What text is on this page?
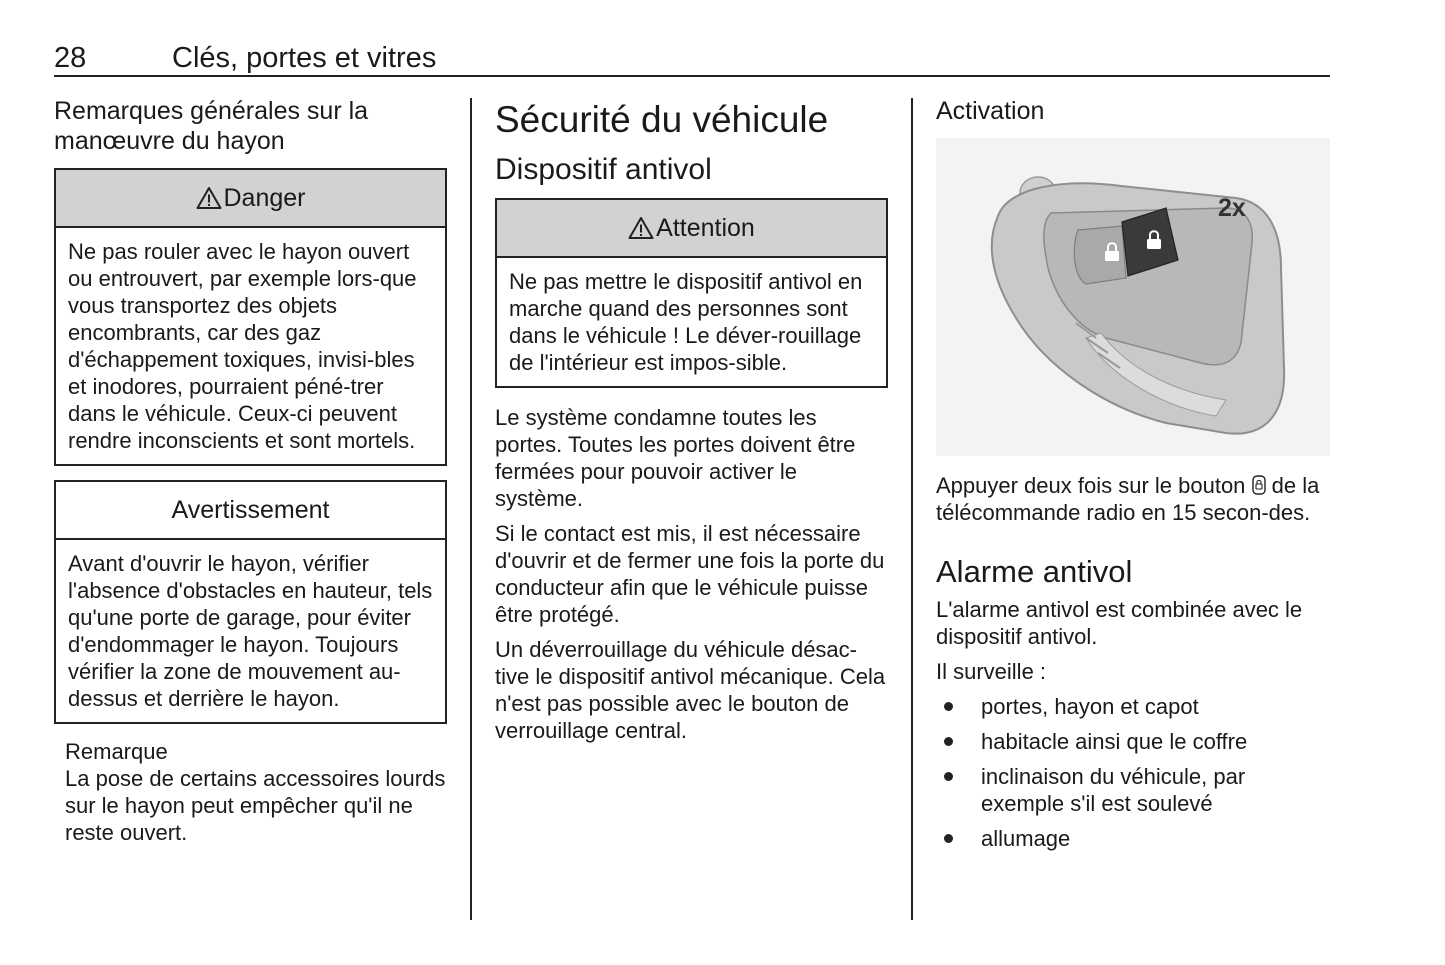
28	Clés, portes et vitres
Remarques générales sur la manœuvre du hayon
Danger
Ne pas rouler avec le hayon ouvert ou entrouvert, par exemple lors-que vous transportez des objets encombrants, car des gaz d'échappement toxiques, invisi-bles et inodores, pourraient péné-trer dans le véhicule. Ceux-ci peuvent rendre inconscients et sont mortels.
Avertissement
Avant d'ouvrir le hayon, vérifier l'absence d'obstacles en hauteur, tels qu'une porte de garage, pour éviter d'endommager le hayon. Toujours vérifier la zone de mouvement au-dessus et derrière le hayon.
Remarque
La pose de certains accessoires lourds sur le hayon peut empêcher qu'il ne reste ouvert.
Sécurité du véhicule
Dispositif antivol
Attention
Ne pas mettre le dispositif antivol en marche quand des personnes sont dans le véhicule ! Le déver-rouillage de l'intérieur est impos-sible.

Le système condamne toutes les portes. Toutes les portes doivent être fermées pour pouvoir activer le système.

Si le contact est mis, il est nécessaire d'ouvrir et de fermer une fois la porte du conducteur afin que le véhicule puisse être protégé.

Un déverrouillage du véhicule désac-tive le dispositif antivol mécanique. Cela n'est pas possible avec le bouton de verrouillage central.

Activation
2x

Appuyer deux fois sur le bouton de la télécommande radio en 15 secon-des.

Alarme antivol

L'alarme antivol est combinée avec le dispositif antivol.

Il surveille :

portes, hayon et capot
habitacle ainsi que le coffre
inclinaison du véhicule, par exemple s'il est soulevé
allumage
